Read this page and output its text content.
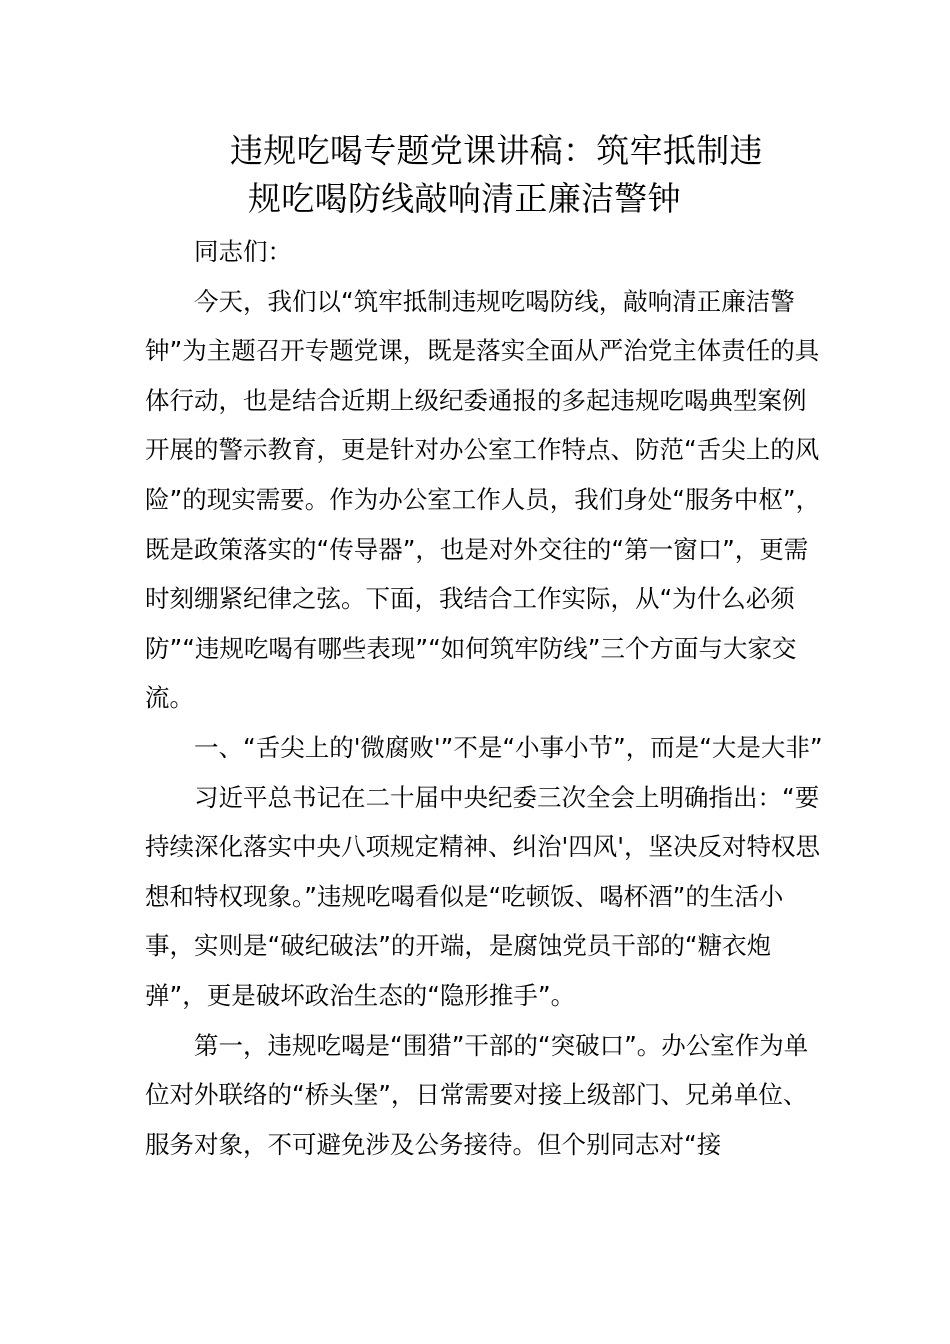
违规吃喝专题党课讲稿：筑牢抵制违
规吃喝防线敲响清正廉洁警钟

同志们：

今天，我们以“筑牢抵制违规吃喝防线，敲响清正廉洁警钟”为主题召开专题党课，既是落实全面从严治党主体责任的具体行动，也是结合近期上级纪委通报的多起违规吃喝典型案例开展的警示教育，更是针对办公室工作特点、防范“舌尖上的风险”的现实需要。作为办公室工作人员，我们身处“服务中枢”，既是政策落实的“传导器”，也是对外交往的“第一窗口”，更需时刻绷紧纪律之弦。下面，我结合工作实际，从“为什么必须防”“违规吃喝有哪些表现”“如何筑牢防线”三个方面与大家交流。

一、“舌尖上的'微腐败'”不是“小事小节”，而是“大是大非”

习近平总书记在二十届中央纪委三次全会上明确指出：“要持续深化落实中央八项规定精神、纠治'四风'，坚决反对特权思想和特权现象。”违规吃喝看似是“吃顿饭、喝杯酒”的生活小事，实则是“破纪破法”的开端，是腐蚀党员干部的“糖衣炮弹”，更是破坏政治生态的“隐形推手”。

第一，违规吃喝是“围猎”干部的“突破口”。办公室作为单位对外联络的“桥头堡”，日常需要对接上级部门、兄弟单位、服务对象，不可避免涉及公务接待。但个别同志对“接
